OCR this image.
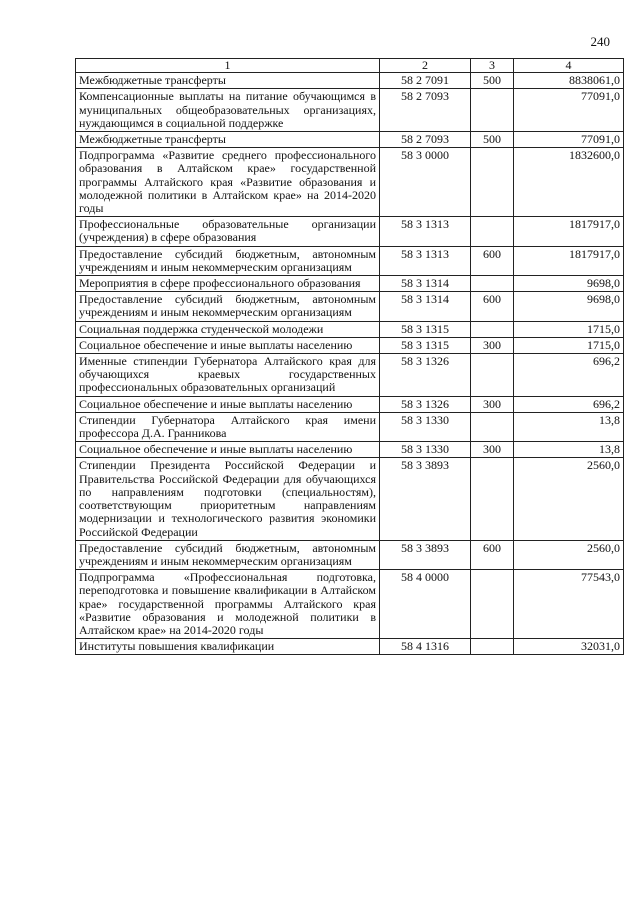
240
1	2	3	4
Межбюджетные трансферты	58 2 7091	500	8838061,0
Компенсационные выплаты на питание обучающимся в муниципальных общеобразовательных организациях, нуждающимся в социальной поддержке	58 2 7093		77091,0
Межбюджетные трансферты	58 2 7093	500	77091,0
Подпрограмма «Развитие среднего профессионального образования в Алтайском крае» государственной программы Алтайского края «Развитие образования и молодежной политики в Алтайском крае» на 2014-2020 годы	58 3 0000		1832600,0
Профессиональные образовательные организации (учреждения) в сфере образования	58 3 1313		1817917,0
Предоставление субсидий бюджетным, автономным учреждениям и иным некоммерческим организациям	58 3 1313	600	1817917,0
Мероприятия в сфере профессионального образования	58 3 1314		9698,0
Предоставление субсидий бюджетным, автономным учреждениям и иным некоммерческим организациям	58 3 1314	600	9698,0
Социальная поддержка студенческой молодежи	58 3 1315		1715,0
Социальное обеспечение и иные выплаты населению	58 3 1315	300	1715,0
Именные стипендии Губернатора Алтайского края для обучающихся краевых государственных профессиональных образовательных организаций	58 3 1326		696,2
Социальное обеспечение и иные выплаты населению	58 3 1326	300	696,2
Стипендии Губернатора Алтайского края имени профессора Д.А. Гранникова	58 3 1330		13,8
Социальное обеспечение и иные выплаты населению	58 3 1330	300	13,8
Стипендии Президента Российской Федерации и Правительства Российской Федерации для обучающихся по направлениям подготовки (специальностям), соответствующим приоритетным направлениям модернизации и технологического развития экономики Российской Федерации	58 3 3893		2560,0
Предоставление субсидий бюджетным, автономным учреждениям и иным некоммерческим организациям	58 3 3893	600	2560,0
Подпрограмма «Профессиональная подготовка, переподготовка и повышение квалификации в Алтайском крае» государственной программы Алтайского края «Развитие образования и молодежной политики в Алтайском крае» на 2014-2020 годы	58 4 0000		77543,0
Институты повышения квалификации	58 4 1316		32031,0
